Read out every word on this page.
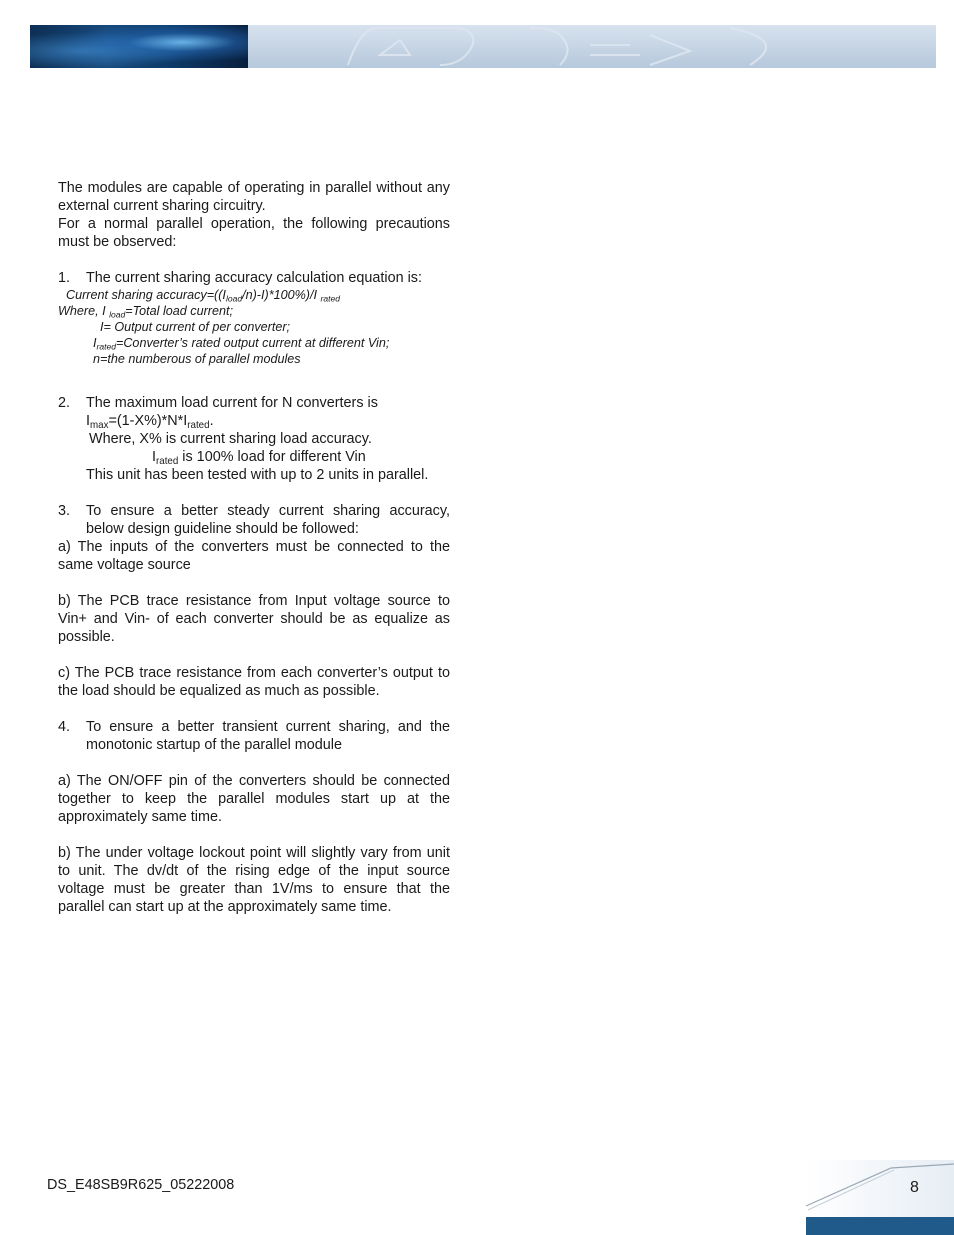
The modules are capable of operating in parallel without any external current sharing circuitry.

For a normal parallel operation, the following precautions must be observed:

1.	The current sharing accuracy calculation equation is:

Current sharing $accuracy=((I_{load}/n)-I)*100\%)/I$ $_{rated}$

Where, I $_{load}$=Total load current;

I= Output current of per converter;

$I_{rated}=Converter’s$ rated output current at different Vin;

n=the numberous of parallel modules

2.	The maximum load current for N converters is

$I_{max}=(1-X\%)*N*I_{rated}$.

Where, X% is current sharing load accuracy.

$I_{rated}$ is 100% load for different Vin

This unit has been tested with up to 2 units in parallel.
3.	To ensure a better steady current sharing accuracy, below design guideline should be followed:

a) The inputs of the converters must be connected to the same voltage source

b) The PCB trace resistance from Input voltage source to Vin+ and Vin- of each converter should be as equalize as possible.

c) The PCB trace resistance from each converter’s output to the load should be equalized as much as possible.

4.	To ensure a better transient current sharing, and the monotonic startup of the parallel module

a) The ON/OFF pin of the converters should be connected together to keep the parallel modules start up at the approximately same time.

b) The under voltage lockout point will slightly vary from unit to unit. The dv/dt of the rising edge of the input source voltage must be greater than 1V/ms to ensure that the parallel can start up at the approximately same time.

DS_E48SB9R625_05222008	8
